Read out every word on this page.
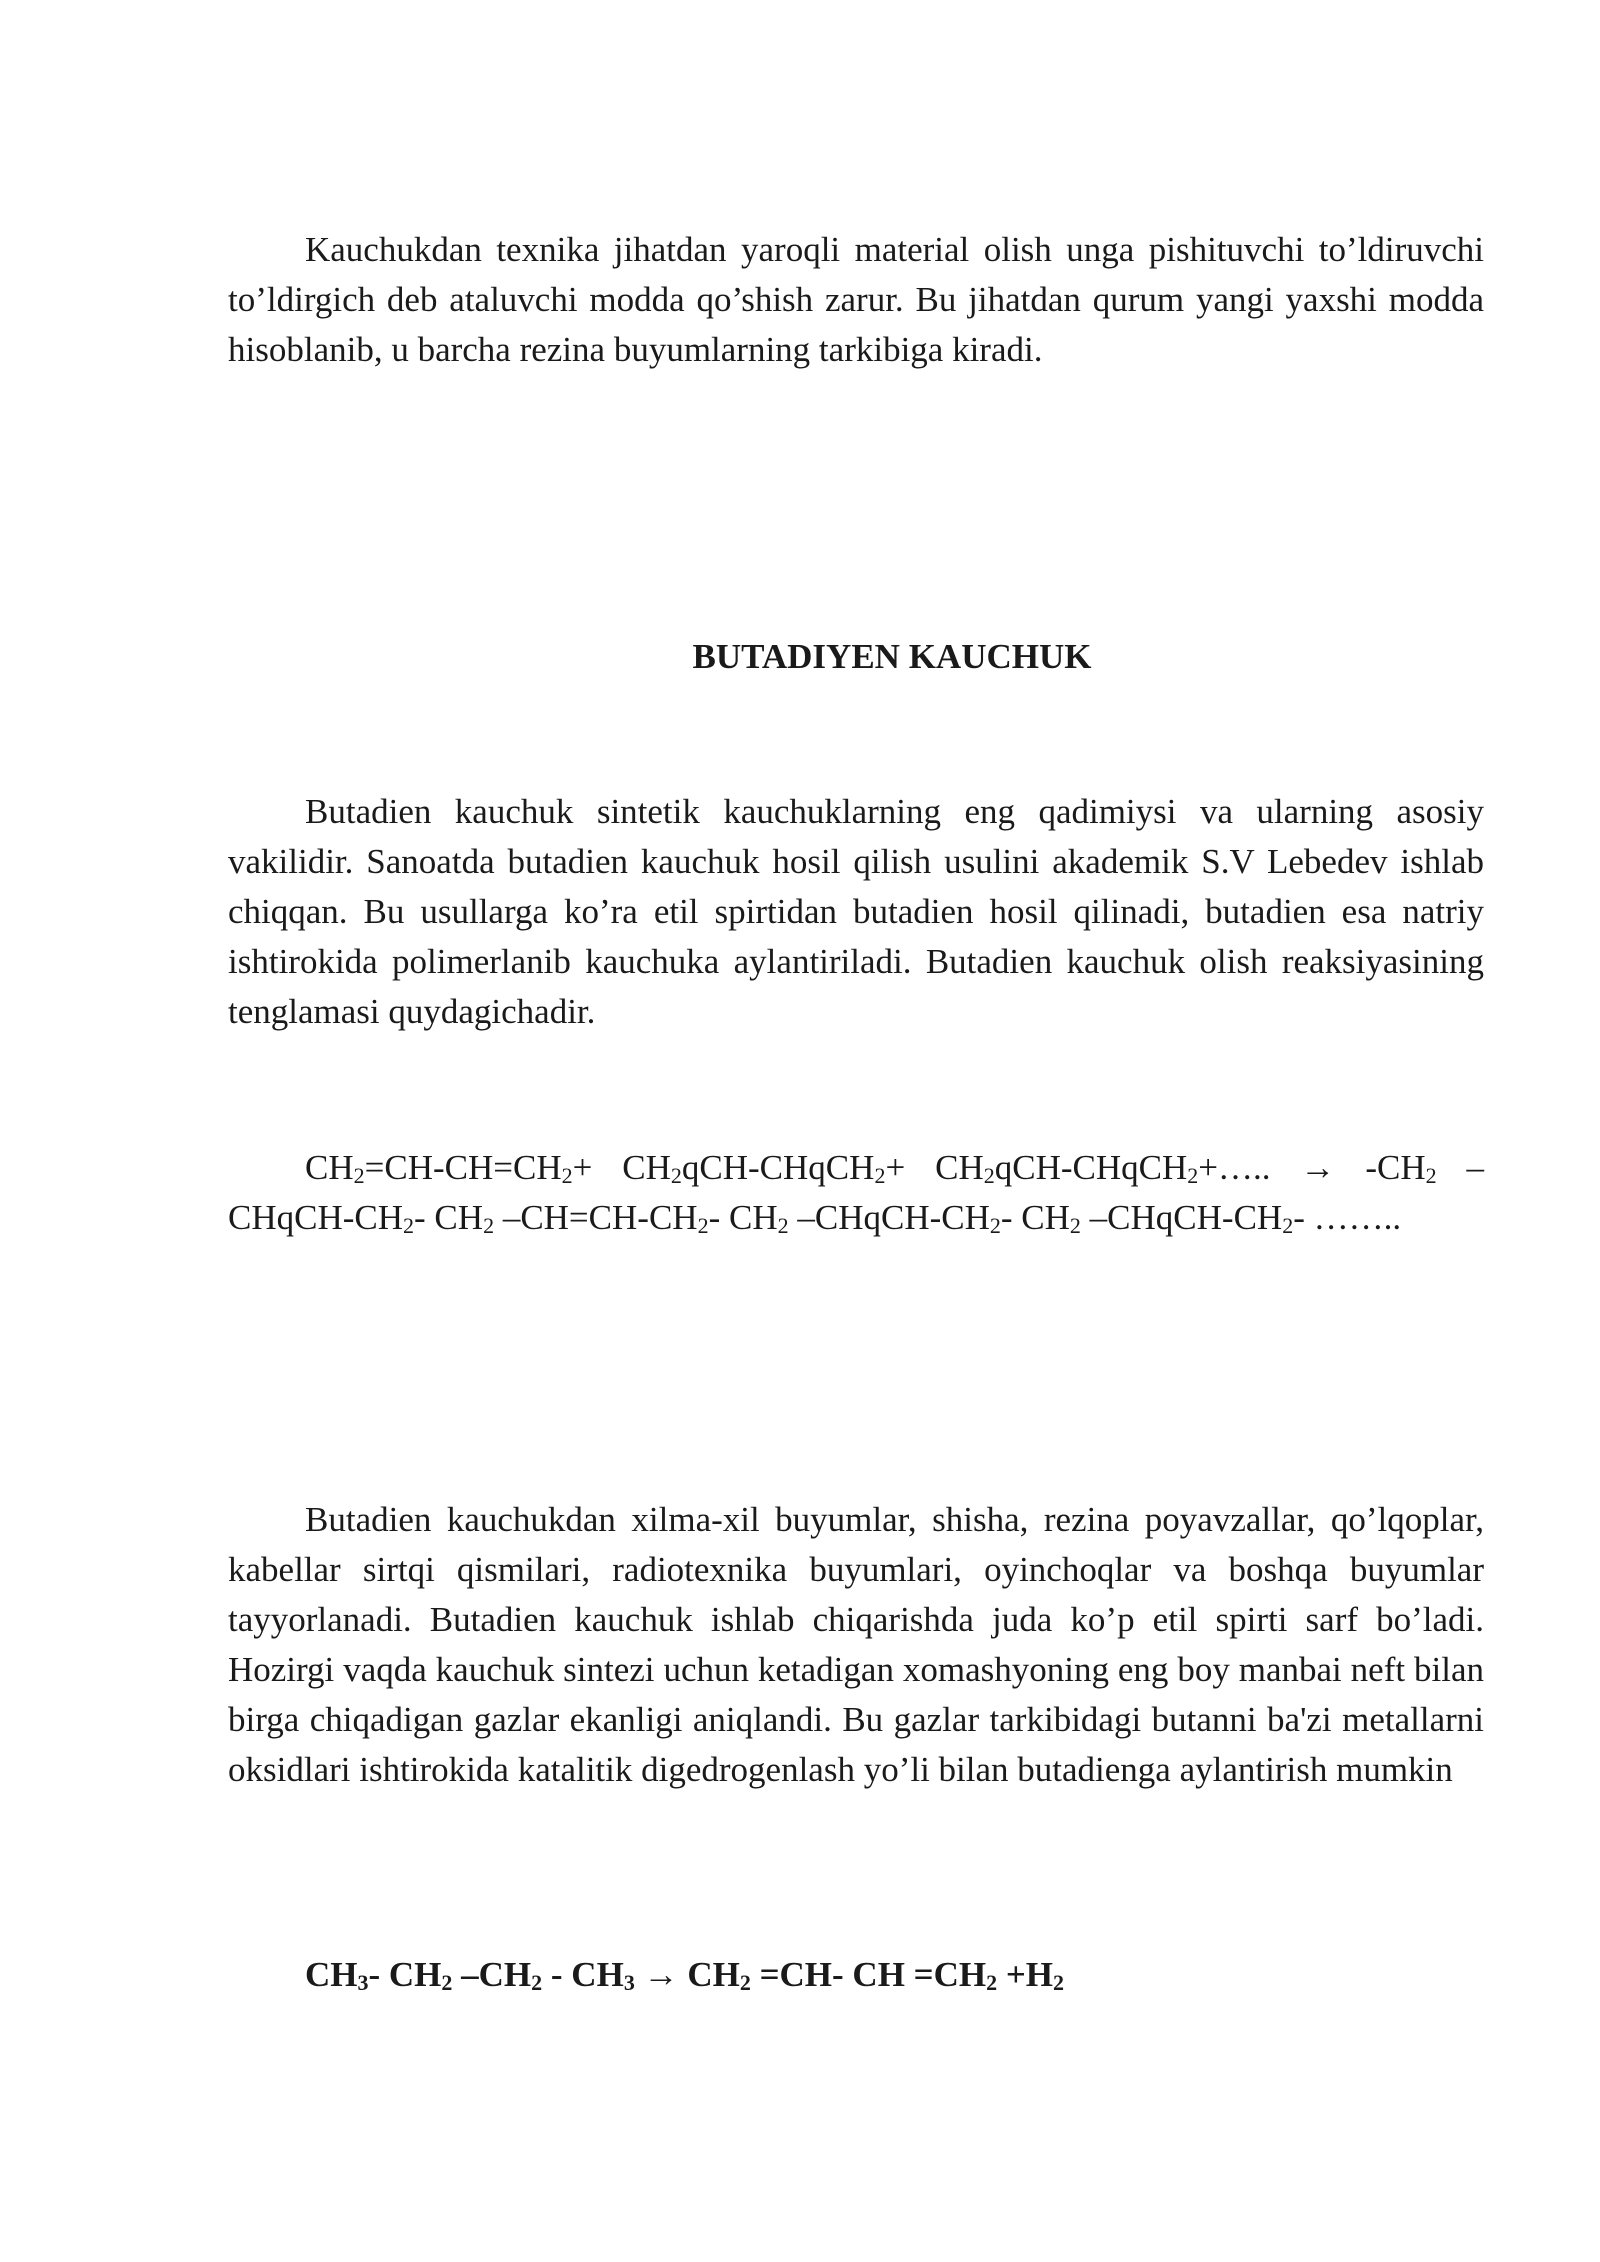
Kauchukdan texnika jihatdan yaroqli material olish unga pishituvchi to’ldiruvchi to’ldirgich deb ataluvchi modda qo’shish zarur. Bu jihatdan qurum yangi yaxshi modda hisoblanib, u barcha rezina buyumlarning tarkibiga kiradi.

BUTADIYEN KAUCHUK

Butadien kauchuk sintetik kauchuklarning eng qadimiysi va ularning asosiy vakilidir. Sanoatda butadien kauchuk hosil qilish usulini akademik S.V Lebedev ishlab chiqqan. Bu usullarga ko’ra etil spirtidan butadien hosil qilinadi, butadien esa natriy ishtirokida polimerlanib kauchuka aylantiriladi. Butadien kauchuk olish reaksiyasining tenglamasi quydagichadir.

$CH_2=CH-CH=CH_2+$ $CH_2qCH-CHqCH_2+$ $CH_2qCH-CHqCH_2+\dots$.. → $-CH_2$ –
CHqCH-$CH_2-$ $CH_2$ $-CH=CH-CH_2-$ $CH_2$ $-CHqCH-CH_2-$ $CH_2$ $-CHqCH-CH_2-$ ……..

Butadien kauchukdan xilma-xil buyumlar, shisha, rezina poyavzallar, qo’lqoplar, kabellar sirtqi qismilari, radiotexnika buyumlari, oyinchoqlar va boshqa buyumlar tayyorlanadi. Butadien kauchuk ishlab chiqarishda juda ko’p etil spirti sarf bo’ladi. Hozirgi vaqda kauchuk sintezi uchun ketadigan xomashyoning eng boy manbai neft bilan birga chiqadigan gazlar ekanligi aniqlandi. Bu gazlar tarkibidagi butanni ba'zi metallarni oksidlari ishtirokida katalitik digedrogenlash yo’li bilan butadienga aylantirish mumkin

$CH_3-$ $CH_2$ $-CH_2 - CH_3 \to CH_2 =CH-$ CH $=CH_2 +H_2$
